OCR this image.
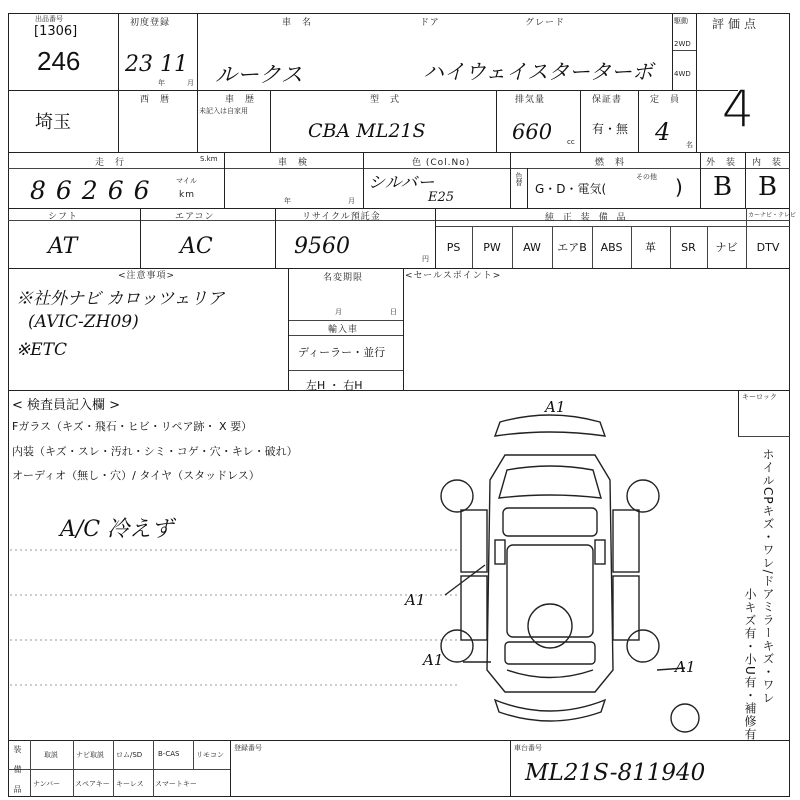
出品番号
[1306]
246
初度登録
23 11
年	月
車　名	ドア	グレード
ルークス	ハイウェイスターターボ
駆動
2WD
4WD
評価点
4
埼玉
西　暦	車　歴
未記入は自家用
型　式
CBA ML21S
排気量
660 cc
保証書
有・無
定　員
4 名
走　行	S.km
86266 マイル
km
車　検
年	月
色 (Col.No)
シルバー
E25
色替
燃　料
G・D・電気(
その他 )
外　装
B
内　装
B
シフト
AT
エアコン
AC
リサイクル預託金
9560	円
純 正 装 備 品	カーナビ・テレビ
PS PW AW エアB ABS 革 SR ナビ DTV
<注意事項>
※社外ナビ カロッツェリア
(AVIC-ZH09)
※ETC
名変期限
月	日
輸入車
ディーラー・並行
左H ・ 右H
<セールスポイント>
< 検査員記入欄 >
Fガラス（キズ・飛石・ヒビ・リペア跡・ X 要）
内装（キズ・スレ・汚れ・シミ・コゲ・穴・キレ・破れ）
オーディオ（無し・穴）/ タイヤ（スタッドレス）
A/C 冷えず
キーロック
ホイルCPキズ・ワレ/ドアミラーキズ・ワレ
小キズ有・小U有・補修有
A1
A1
A1	A1
装　備　品	取説	ナビ取説 ロム/SD B-CAS リモコン
ナンバー スペアキー キーレス スマートキー
登録番号	車台番号
ML21S-811940
